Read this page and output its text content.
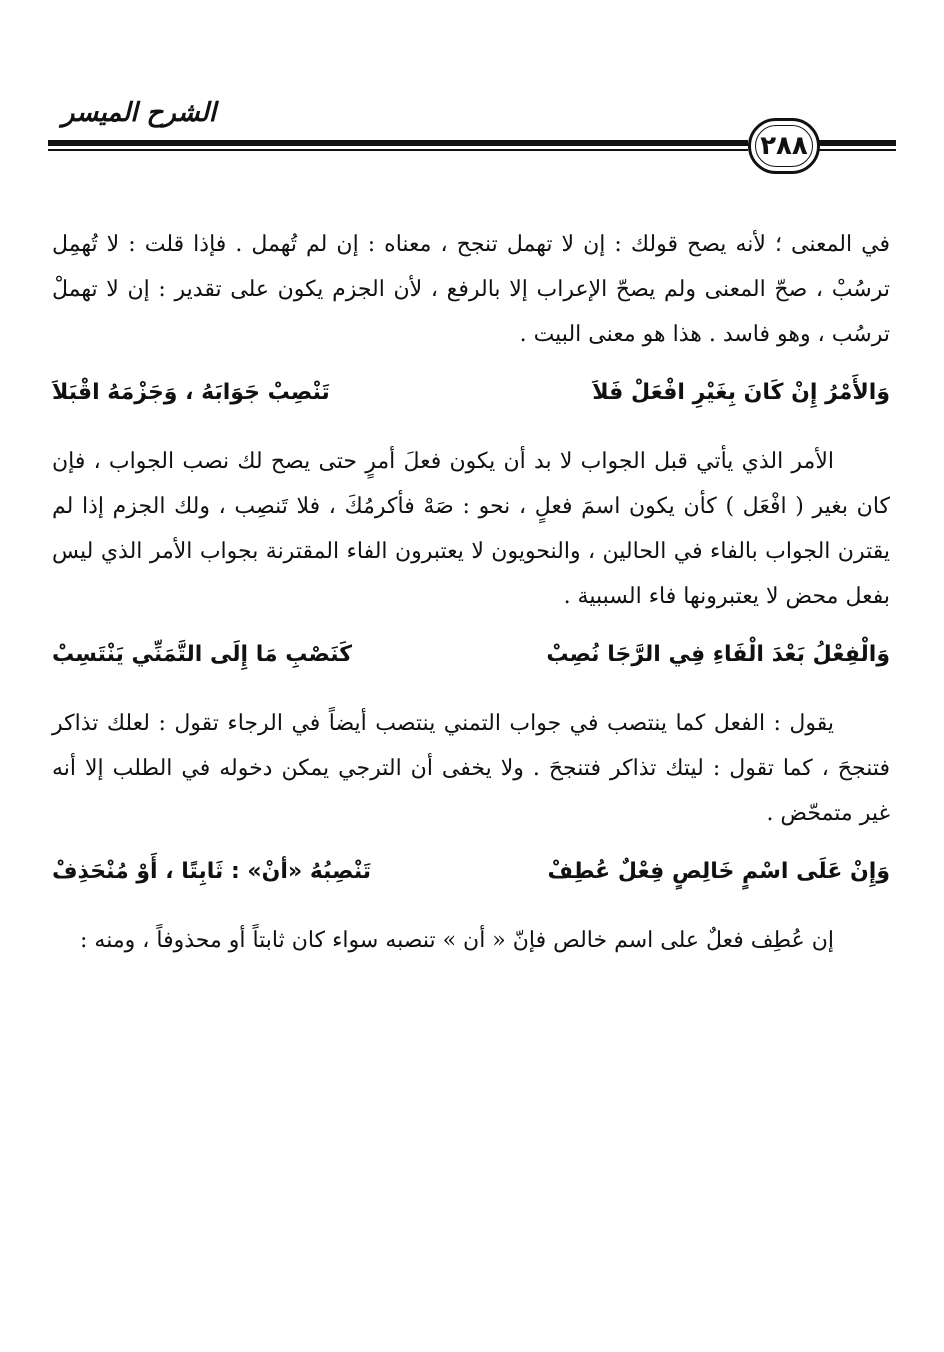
الشرح الميسر
٢٨٨

في المعنى ؛ لأنه يصح قولك : إن لا تهمل تنجح ، معناه : إن لم تُهمل . فإذا قلت : لا تُهمِل ترسُبْ ، صحّ المعنى ولم يصحّ الإعراب إلا بالرفع ، لأن الجزم يكون على تقدير : إن لا تهملْ ترسُب ، وهو فاسد . هذا هو معنى البيت .

وَالأَمْرُ إِنْ كَانَ بِغَيْرِ افْعَلْ فَلاَ
تَنْصِبْ جَوَابَهُ ، وَجَزْمَهُ اقْبَلاَ

الأمر الذي يأتي قبل الجواب لا بد أن يكون فعلَ أمرٍ حتى يصح لك نصب الجواب ، فإن كان بغير ( افْعَل ) كأن يكون اسمَ فعلٍ ، نحو : صَهْ فأكرمُكَ ، فلا تَنصِب ، ولك الجزم إذا لم يقترن الجواب بالفاء في الحالين ، والنحويون لا يعتبرون الفاء المقترنة بجواب الأمر الذي ليس بفعل محض لا يعتبرونها فاء السببية .

وَالْفِعْلُ بَعْدَ الْفَاءِ فِي الرَّجَا نُصِبْ
كَنَصْبِ مَا إِلَى التَّمَنِّي يَنْتَسِبْ

يقول : الفعل كما ينتصب في جواب التمني ينتصب أيضاً في الرجاء تقول : لعلك تذاكر فتنجحَ ، كما تقول : ليتك تذاكر فتنجحَ . ولا يخفى أن الترجي يمكن دخوله في الطلب إلا أنه غير متمحّض .

وَإِنْ عَلَى اسْمٍ خَالِصٍ فِعْلٌ عُطِفْ
تَنْصِبُهُ «أنْ» : ثَابِتًا ، أَوْ مُنْحَذِفْ

إن عُطِف فعلٌ على اسم خالص فإنّ « أن » تنصبه سواء كان ثابتاً أو محذوفاً ، ومنه :
